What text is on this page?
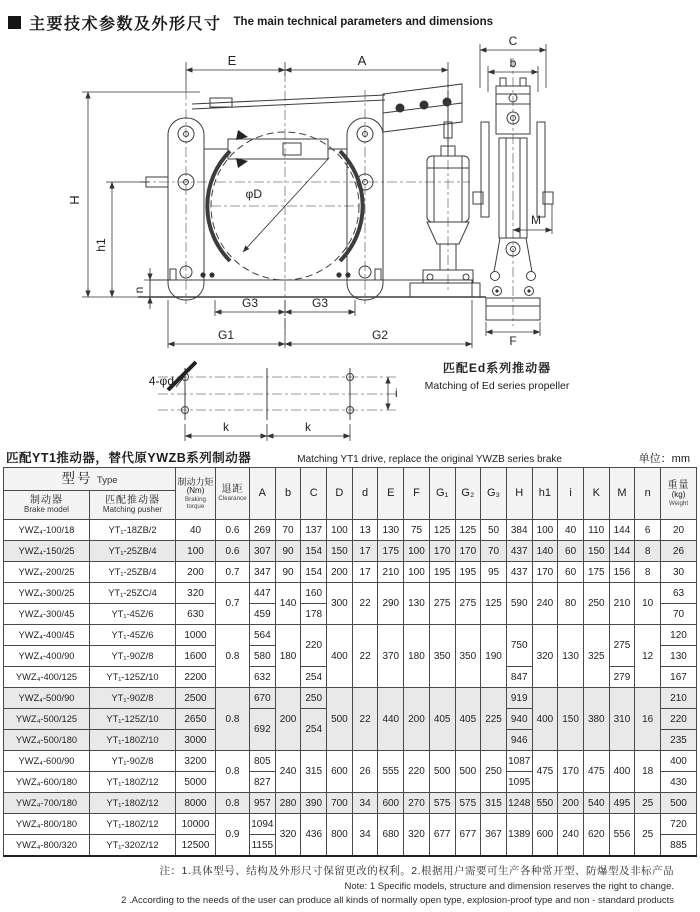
主要技术参数及外形尺寸 The main technical parameters and dimensions
E	A
H
h1
n
φD
G3	G3
G1	G2
4-φd
k	k
i
C
b
M
F
匹配Ed系列推动器
Matching of Ed series propeller
匹配YT1推动器，替代原YWZB系列制动器	Matching YT1 drive, replace the original YWZB series brake	单位：mm
型号 Type		制动力矩
(Nm)
Braking torque	退距
Clearance	A	b	C	D	d	E	F	G₁	G₂	G₃	H	h1	i	K	M	n	重量
(kg)
Weight

制动器
Brake model	匹配推动器
Matching pusher																			

YWZ₄-100/18	YT₁-18ZB/2	40	0.6	269	70	137	100	13	130	75	125	125	50	384	100	40	110	144	6	20
YWZ₄-150/25	YT₁-25ZB/4	100	0.6	307	90	154	150	17	175	100	170	170	70	437	140	60	150	144	8	26
YWZ₄-200/25	YT₁-25ZB/4	200	0.7	347	90	154	200	17	210	100	195	195	95	437	170	60	175	156	8	30
YWZ₄-300/25	YT₁-25ZC/4	320	0.7	447	140	160	300	22	290	130	275	275	125	590	240	80	250	210	10	63
YWZ₄-300/45	YT₁-45Z/6	630		459		178														70
YWZ₄-400/45	YT₁-45Z/6	1000	0.8	564	180	220	400	22	370	180	350	350	190	750	320	130	325	275	12	120
YWZ₄-400/90	YT₁-90Z/8	1600		580																130
YWZ₄-400/125	YT₁-125Z/10	2200		632		254								847				279		167
YWZ₄-500/90	YT₁-90Z/8	2500	0.8	670	200	250	500	22	440	200	405	405	225	919	400	150	380	310	16	210
YWZ₄-500/125	YT₁-125Z/10	2650		692		254								940						220
YWZ₄-500/180	YT₁-180Z/10	3000												946						235
YWZ₄-600/90	YT₁-90Z/8	3200	0.8	805	240	315	600	26	555	220	500	500	250	1087	475	170	475	400	18	400
YWZ₄-600/180	YT₁-180Z/12	5000		827										1095						430
YWZ₄-700/180	YT₁-180Z/12	8000	0.8	957	280	390	700	34	600	270	575	575	315	1248	550	200	540	495	25	500
YWZ₄-800/180	YT₁-180Z/12	10000	0.9	1094	320	436	800	34	680	320	677	677	367	1389	600	240	620	556	25	720
YWZ₄-800/320	YT₁-320Z/12	12500		1155																885
注：1.具体型号、结构及外形尺寸保留更改的权利。2.根据用户需要可生产各种常开型、防爆型及非标产品
Note: 1 Specific models, structure and dimension reserves the right to change.
2 .According to the needs of the user can produce all kinds of normally open type, explosion-proof type and non - standard products
